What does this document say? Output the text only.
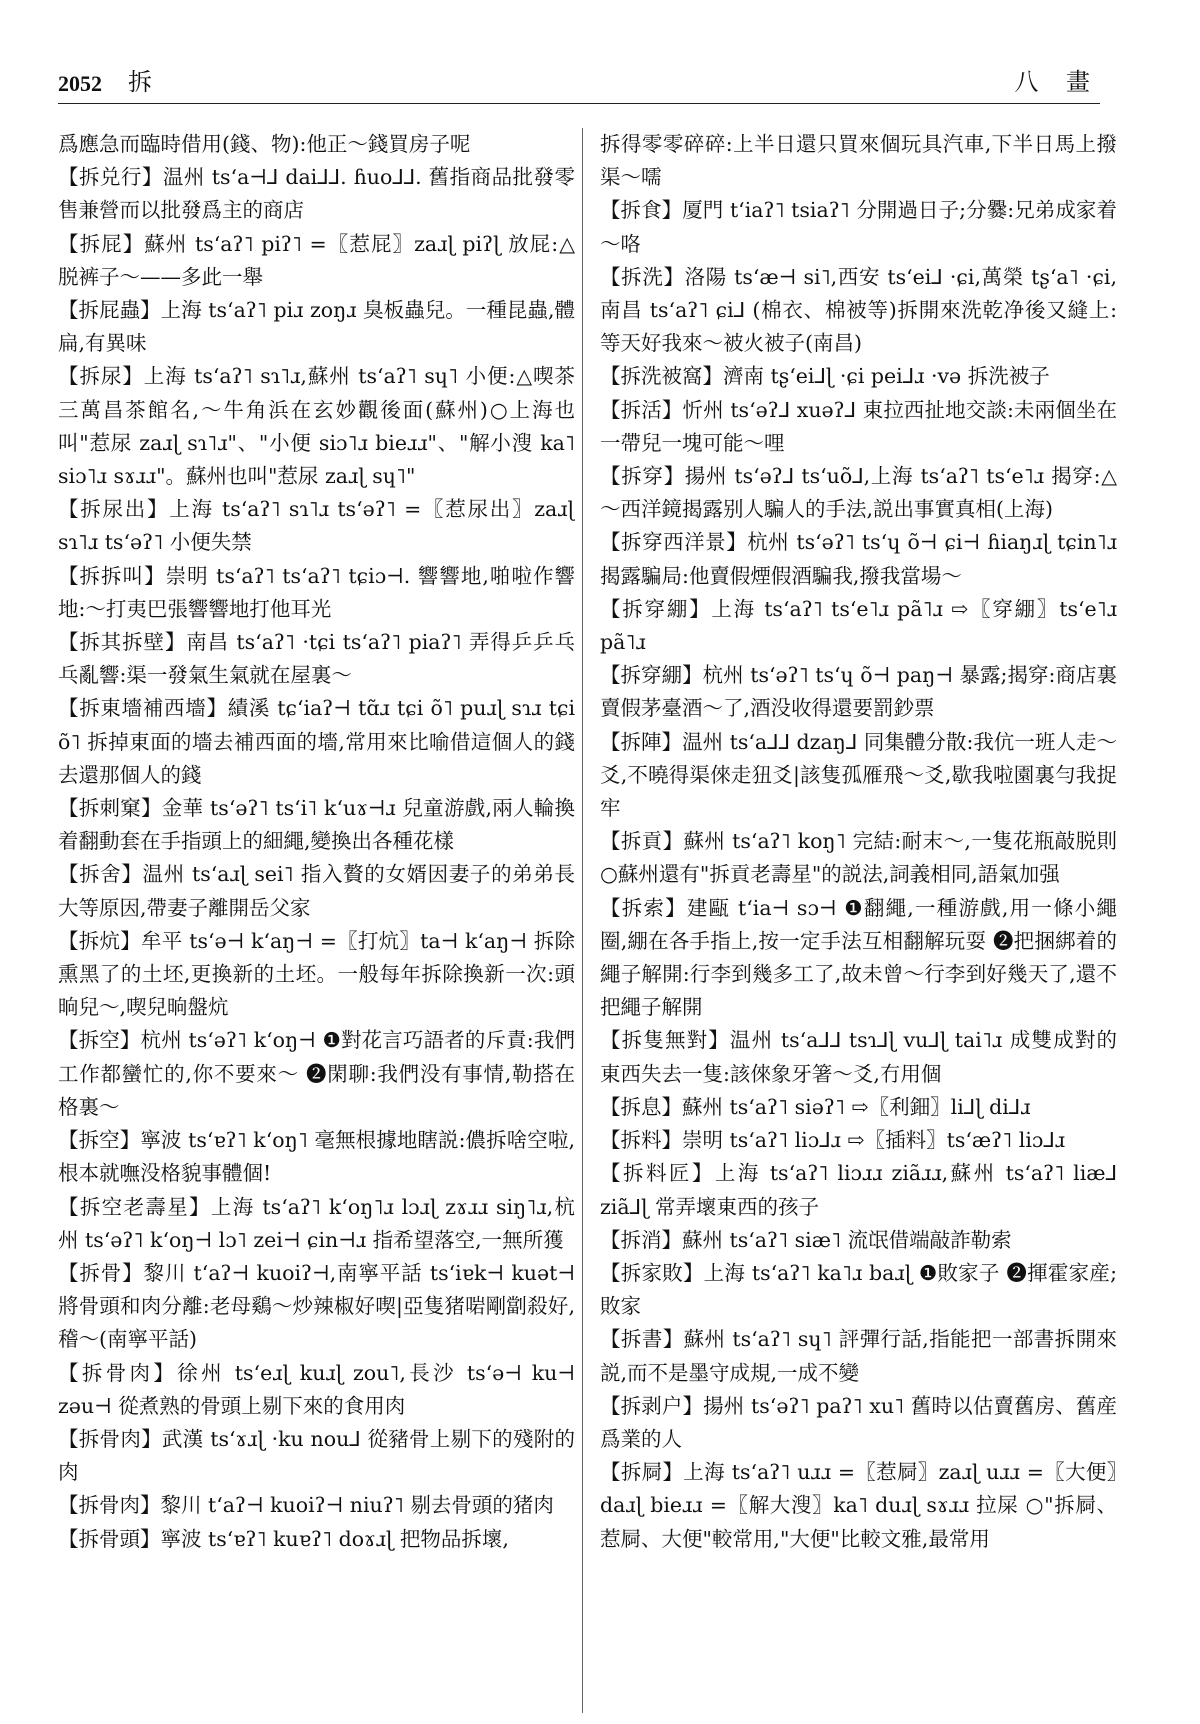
2052 拆	八 畫

爲應急而臨時借用(錢、物):他正～錢買房子呢

【拆兑行】温州 tsʻa⊣⅃ dai⅃⅃. ɦuo⅃⅃. 舊指商品批發零售兼營而以批發爲主的商店

【拆屁】蘇州 tsʻaʔ˥ piʔ˥ =〖惹屁〗zaɹɭ piʔɭ 放屁:△脱裤子～——多此一舉

【拆屁蟲】上海 tsʻaʔ˥ piɹ zoŋɹ 臭板蟲兒。一種昆蟲,體扁,有異味

【拆尿】上海 tsʻaʔ˥ sɿ˥ɹ,蘇州 tsʻaʔ˥ sɥ˥ 小便:△喫茶三萬昌茶館名,～牛角浜在玄妙觀後面(蘇州)○上海也叫"惹尿 zaɹɭ sɿ˥ɹ"、"小便 siɔ˥ɹ bieɹɹ"、"解小溲 ka˥ siɔ˥ɹ sɤɹɹ"。蘇州也叫"惹尿 zaɹɭ sɥ˥"

【拆尿出】上海 tsʻaʔ˥ sɿ˥ɹ tsʻəʔ˥ =〖惹尿出〗zaɹɭ sɿ˥ɹ tsʻəʔ˥ 小便失禁

【拆拆叫】崇明 tsʻaʔ˥ tsʻaʔ˥ tɕiɔ⊣. 響響地,啪啦作響地:～打夷巴張響響地打他耳光

【拆其拆壁】南昌 tsʻaʔ˥ ·tɕi tsʻaʔ˥ piaʔ˥ 弄得乒乒乓乓亂響:渠一發氣生氣就在屋裏～

【拆東墻補西墻】績溪 tɕʻiaʔ⊣ tɑ̃ɹ tɕi õ˥ puɹɭ sɿɹ tɕi õ˥ 拆掉東面的墻去補西面的墻,常用來比喻借這個人的錢去還那個人的錢

【拆刺窠】金華 tsʻəʔ˥ tsʻi˥ kʻuɤ⊣ɹ 兒童游戲,兩人輪換着翻動套在手指頭上的細繩,變換出各種花樣

【拆舍】温州 tsʻaɹɭ sei˥ 指入贅的女婿因妻子的弟弟長大等原因,帶妻子離開岳父家

【拆炕】牟平 tsʻə⊣ kʻaŋ⊣ =〖打炕〗ta⊣ kʻaŋ⊣ 拆除熏黑了的土坯,更換新的土坯。一般每年拆除換新一次:頭晌兒～,喫兒晌盤炕

【拆空】杭州 tsʻəʔ˥ kʻoŋ⊣ ❶對花言巧語者的斥責:我們工作都蠻忙的,你不要來～ ❷閑聊:我們没有事情,勒搭在格裏～

【拆空】寧波 tsʻɐʔ˥ kʻoŋ˥ 毫無根據地瞎説:儂拆啥空啦,根本就嘸没格貌事體個!

【拆空老壽星】上海 tsʻaʔ˥ kʻoŋ˥ɹ lɔɹɭ zɤɹɹ siŋ˥ɹ,杭州 tsʻəʔ˥ kʻoŋ⊣ lɔ˥ zei⊣ ɕin⊣ɹ 指希望落空,一無所獲

【拆骨】黎川 tʻaʔ⊣ kuoiʔ⊣,南寧平話 tsʻiɐk⊣ kuət⊣ 將骨頭和肉分離:老母鷄～炒辣椒好喫|亞隻猪啱剛劏殺好,稽～(南寧平話)

【拆骨肉】徐州 tsʻeɹɭ kuɹɭ zou˥,長沙 tsʻə⊣ ku⊣ zəu⊣ 從煮熟的骨頭上剔下來的食用肉

【拆骨肉】武漢 tsʻɤɹɭ ·ku nou⅃ 從豬骨上剔下的殘附的肉

【拆骨肉】黎川 tʻaʔ⊣ kuoiʔ⊣ niuʔ˥ 剔去骨頭的猪肉

【拆骨頭】寧波 tsʻɐʔ˥ kuɐʔ˥ doɤɹɭ 把物品拆壞,

拆得零零碎碎:上半日還只買來個玩具汽車,下半日馬上撥渠～嚅

【拆食】厦門 tʻiaʔ˥ tsiaʔ˥ 分開過日子;分爨:兄弟成家着～咯

【拆洗】洛陽 tsʻæ⊣ si˥,西安 tsʻei⅃ ·ɕi,萬榮 tʂʻa˥ ·ɕi,南昌 tsʻaʔ˥ ɕi⅃ (棉衣、棉被等)拆開來洗乾净後又縫上:等天好我來～被火被子(南昌)

【拆洗被窩】濟南 tʂʻei⅃ɭ ·ɕi pei⅃ɹ ·və 拆洗被子

【拆活】忻州 tsʻəʔ⅃ xuəʔ⅃ 東拉西扯地交談:未兩個坐在一帶兒一塊可能～哩

【拆穿】揚州 tsʻəʔ⅃ tsʻuõ⅃,上海 tsʻaʔ˥ tsʻe˥ɹ 揭穿:△～西洋鏡揭露别人騙人的手法,説出事實真相(上海)

【拆穿西洋景】杭州 tsʻəʔ˥ tsʻɥ õ⊣ ɕi⊣ ɦiaŋɹɭ tɕin˥ɹ 揭露騙局:他賣假煙假酒騙我,撥我當場～

【拆穿綳】上海 tsʻaʔ˥ tsʻe˥ɹ pã˥ɹ ⇨〖穿綳〗tsʻe˥ɹ pã˥ɹ

【拆穿綳】杭州 tsʻəʔ˥ tsʻɥ õ⊣ paŋ⊣ 暴露;揭穿:商店裏賣假茅臺酒～了,酒没收得還要罰鈔票

【拆陣】温州 tsʻa⅃⅃ dzaŋ⅃ 同集體分散:我伉一班人走～爻,不曉得渠倈走狃爻|該隻孤雁飛～爻,歇我啦園裏勻我捉牢

【拆貢】蘇州 tsʻaʔ˥ koŋ˥ 完結:耐末～,一隻花瓶敲脱則 ○蘇州還有"拆貢老壽星"的説法,詞義相同,語氣加强

【拆索】建甌 tʻia⊣ sɔ⊣ ❶翻繩,一種游戲,用一條小繩圈,綳在各手指上,按一定手法互相翻解玩耍 ❷把捆綁着的繩子解開:行李到幾多工了,故未曾～行李到好幾天了,還不把繩子解開

【拆隻無對】温州 tsʻa⅃⅃ tsɿ⅃ɭ vu⅃ɭ tai˥ɹ 成雙成對的東西失去一隻:該倈象牙箸～爻,冇用個

【拆息】蘇州 tsʻaʔ˥ siəʔ˥ ⇨〖利鈿〗li⅃ɭ di⅃ɹ

【拆料】崇明 tsʻaʔ˥ liɔ⅃ɹ ⇨〖插料〗tsʻæʔ˥ liɔ⅃ɹ

【拆料匠】上海 tsʻaʔ˥ liɔɹɹ ziãɹɹ,蘇州 tsʻaʔ˥ liæ⅃ ziã⅃ɭ 常弄壞東西的孩子

【拆消】蘇州 tsʻaʔ˥ siæ˥ 流氓借端敲詐勒索

【拆家敗】上海 tsʻaʔ˥ ka˥ɹ baɹɭ ❶敗家子 ❷揮霍家産;敗家

【拆書】蘇州 tsʻaʔ˥ sɥ˥ 評彈行話,指能把一部書拆開來説,而不是墨守成規,一成不變

【拆剥户】揚州 tsʻəʔ˥ paʔ˥ xu˥ 舊時以估賣舊房、舊産爲業的人

【拆屙】上海 tsʻaʔ˥ uɹɹ =〖惹屙〗zaɹɭ uɹɹ =〖大便〗daɹɭ bieɹɹ =〖解大溲〗ka˥ duɹɭ sɤɹɹ 拉屎 ○"拆屙、惹屙、大便"較常用,"大便"比較文雅,最常用
